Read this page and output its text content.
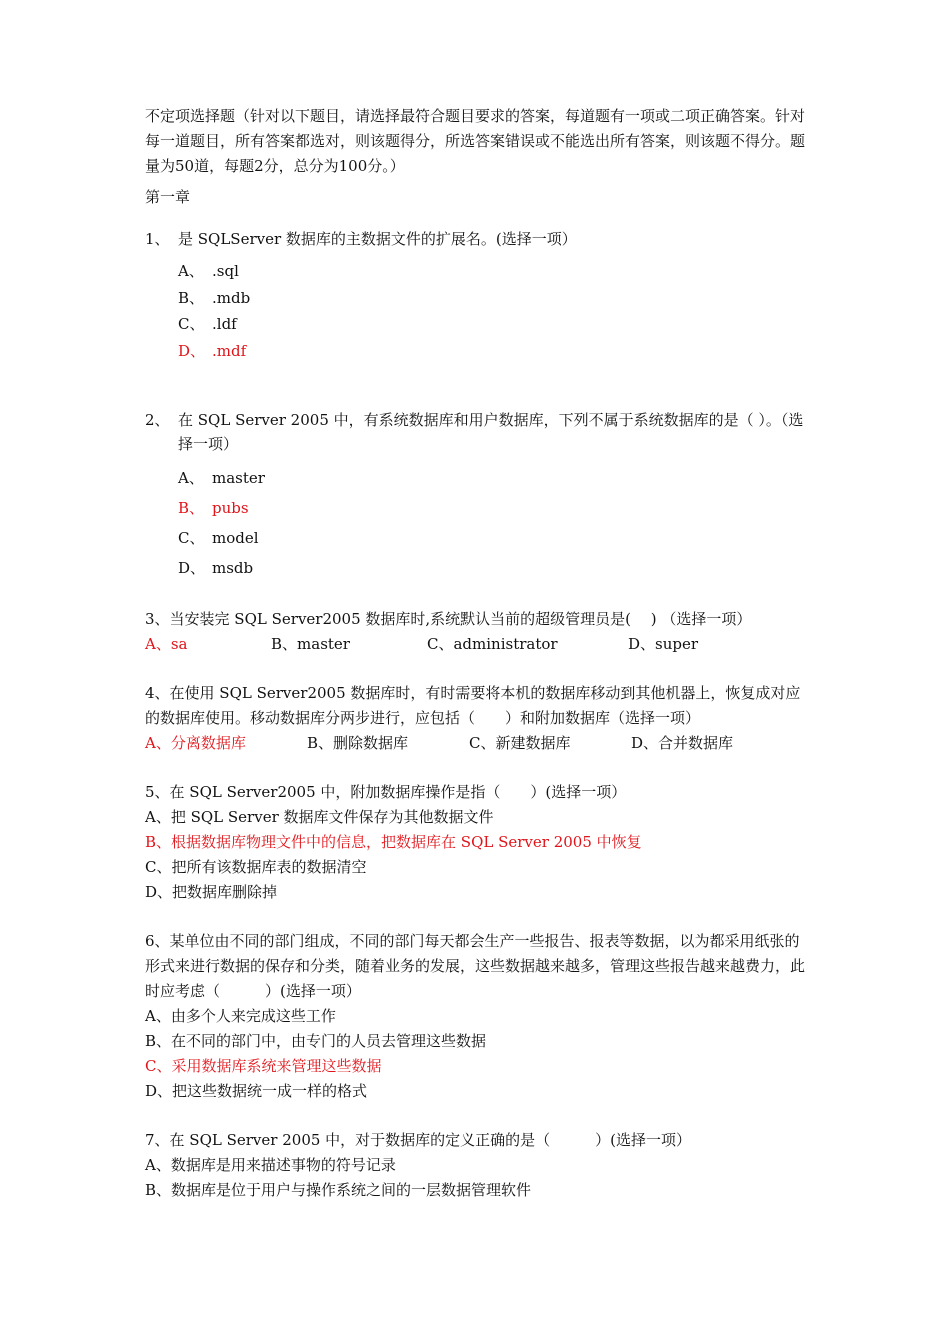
不定项选择题（针对以下题目，请选择最符合题目要求的答案，每道题有一项或二项正确答案。针对每一道题目，所有答案都选对，则该题得分，所选答案错误或不能选出所有答案，则该题不得分。题量为50道，每题2分，总分为100分。）

第一章

1、 是 SQLServer 数据库的主数据文件的扩展名。(选择一项）
A、 .sql
B、 .mdb
C、 .ldf
D、 .mdf
2、 在 SQL Server 2005 中，有系统数据库和用户数据库，下列不属于系统数据库的是（ ）。（选择一项）
A、 master
B、 pubs
C、 model
D、 msdb
3、当安装完 SQL Server2005 数据库时,系统默认当前的超级管理员是(　 ) （选择一项）
A、sa	B、master	C、administrator	D、super
4、在使用 SQL Server2005 数据库时，有时需要将本机的数据库移动到其他机器上，恢复成对应的数据库使用。移动数据库分两步进行，应包括（　　）和附加数据库（选择一项）
A、分离数据库	B、删除数据库	C、新建数据库	D、合并数据库
5、在 SQL Server2005 中，附加数据库操作是指（　　）(选择一项）
A、把 SQL Server 数据库文件保存为其他数据文件
B、根据数据库物理文件中的信息，把数据库在 SQL Server 2005 中恢复
C、把所有该数据库表的数据清空
D、把数据库删除掉
6、某单位由不同的部门组成，不同的部门每天都会生产一些报告、报表等数据，以为都采用纸张的形式来进行数据的保存和分类，随着业务的发展，这些数据越来越多，管理这些报告越来越费力，此时应考虑（　　　）(选择一项）
A、由多个人来完成这些工作
B、在不同的部门中，由专门的人员去管理这些数据
C、采用数据库系统来管理这些数据
D、把这些数据统一成一样的格式
7、在 SQL Server 2005 中，对于数据库的定义正确的是（　　　）(选择一项）
A、数据库是用来描述事物的符号记录
B、数据库是位于用户与操作系统之间的一层数据管理软件
